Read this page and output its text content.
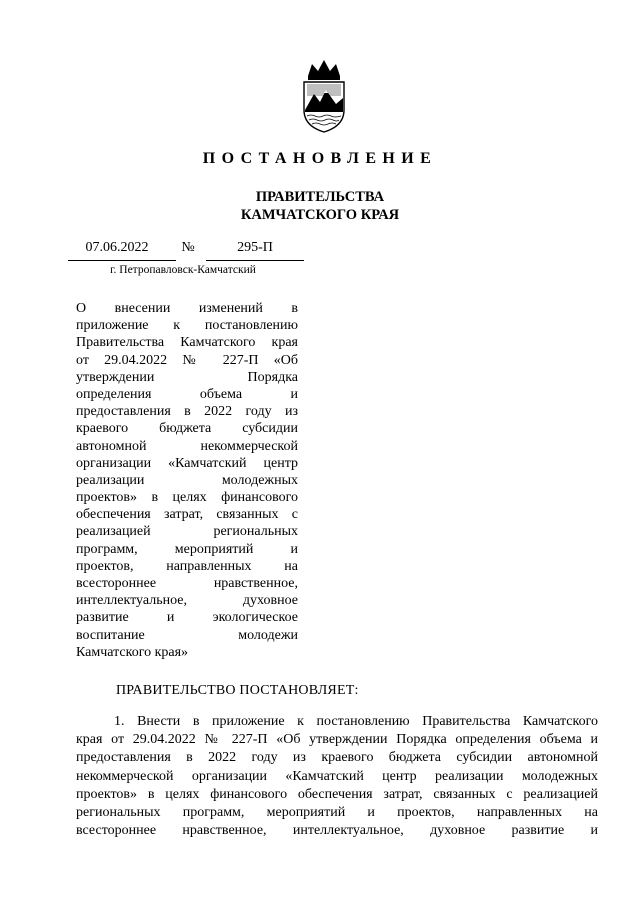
ПОСТАНОВЛЕНИЕ
ПРАВИТЕЛЬСТВА
КАМЧАТСКОГО КРАЯ
07.06.2022	№	295-П
г. Петропавловск-Камчатский
О внесении изменений в
приложение к постановлению
Правительства Камчатского края
от 29.04.2022 № 227-П «Об
утверждении Порядка
определения объема и
предоставления в 2022 году из
краевого бюджета субсидии
автономной некоммерческой
организации «Камчатский центр
реализации молодежных
проектов» в целях финансового
обеспечения затрат, связанных с
реализацией региональных
программ, мероприятий и
проектов, направленных на
всестороннее нравственное,
интеллектуальное, духовное
развитие и экологическое
воспитание молодежи
Камчатского края»
ПРАВИТЕЛЬСТВО ПОСТАНОВЛЯЕТ:
1. Внести в приложение к постановлению Правительства Камчатского
края от 29.04.2022 № 227-П «Об утверждении Порядка определения объема и
предоставления в 2022 году из краевого бюджета субсидии автономной
некоммерческой организации «Камчатский центр реализации молодежных
проектов» в целях финансового обеспечения затрат, связанных с реализацией
региональных программ, мероприятий и проектов, направленных на
всестороннее нравственное, интеллектуальное, духовное развитие и
